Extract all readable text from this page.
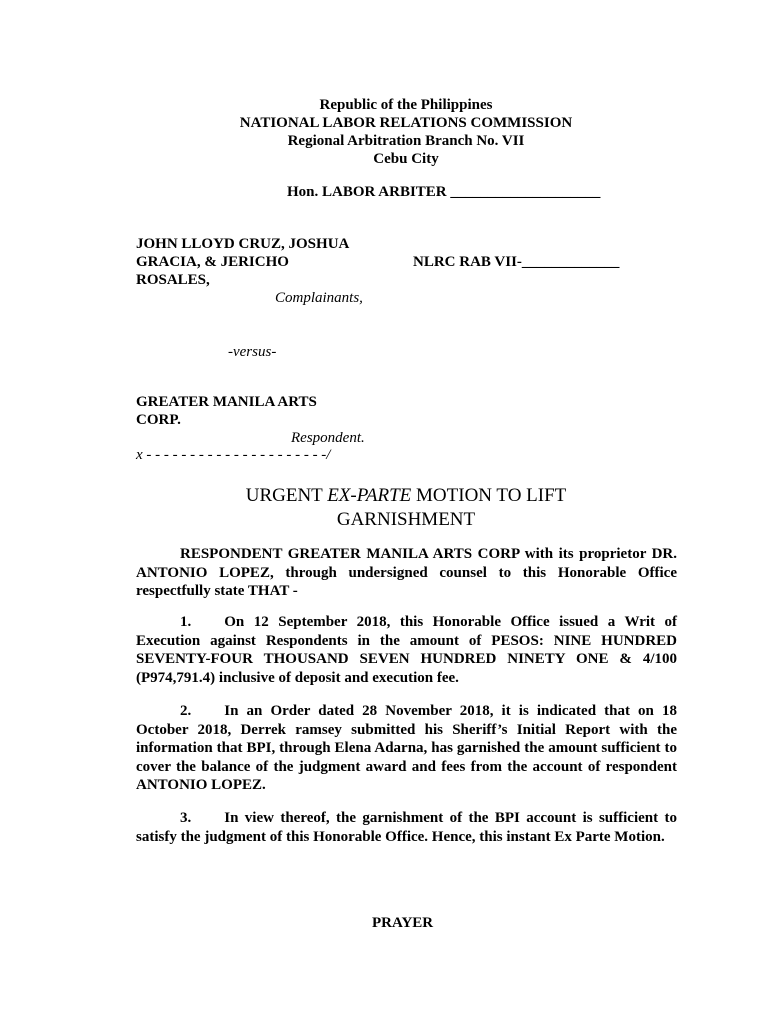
Republic of the Philippines
NATIONAL LABOR RELATIONS COMMISSION
Regional Arbitration Branch No. VII
Cebu City
Hon. LABOR ARBITER ____________________
JOHN LLOYD CRUZ, JOSHUA
GRACIA, & JERICHO
ROSALES,
Complainants,
NLRC RAB VII-_____________
-versus-
GREATER MANILA ARTS
CORP.
Respondent.
x - - - - - - - - - - - - - - - - - - - - -/
URGENT EX-PARTE MOTION TO LIFT
GARNISHMENT
RESPONDENT GREATER MANILA ARTS CORP with its proprietor DR. ANTONIO LOPEZ, through undersigned counsel to this Honorable Office respectfully state THAT -
1. On 12 September 2018, this Honorable Office issued a Writ of Execution against Respondents in the amount of PESOS: NINE HUNDRED SEVENTY-FOUR THOUSAND SEVEN HUNDRED NINETY ONE & 4/100 (P974,791.4) inclusive of deposit and execution fee.
2. In an Order dated 28 November 2018, it is indicated that on 18 October 2018, Derrek ramsey submitted his Sheriff’s Initial Report with the information that BPI, through Elena Adarna, has garnished the amount sufficient to cover the balance of the judgment award and fees from the account of respondent ANTONIO LOPEZ.
3. In view thereof, the garnishment of the BPI account is sufficient to satisfy the judgment of this Honorable Office. Hence, this instant Ex Parte Motion.
PRAYER
